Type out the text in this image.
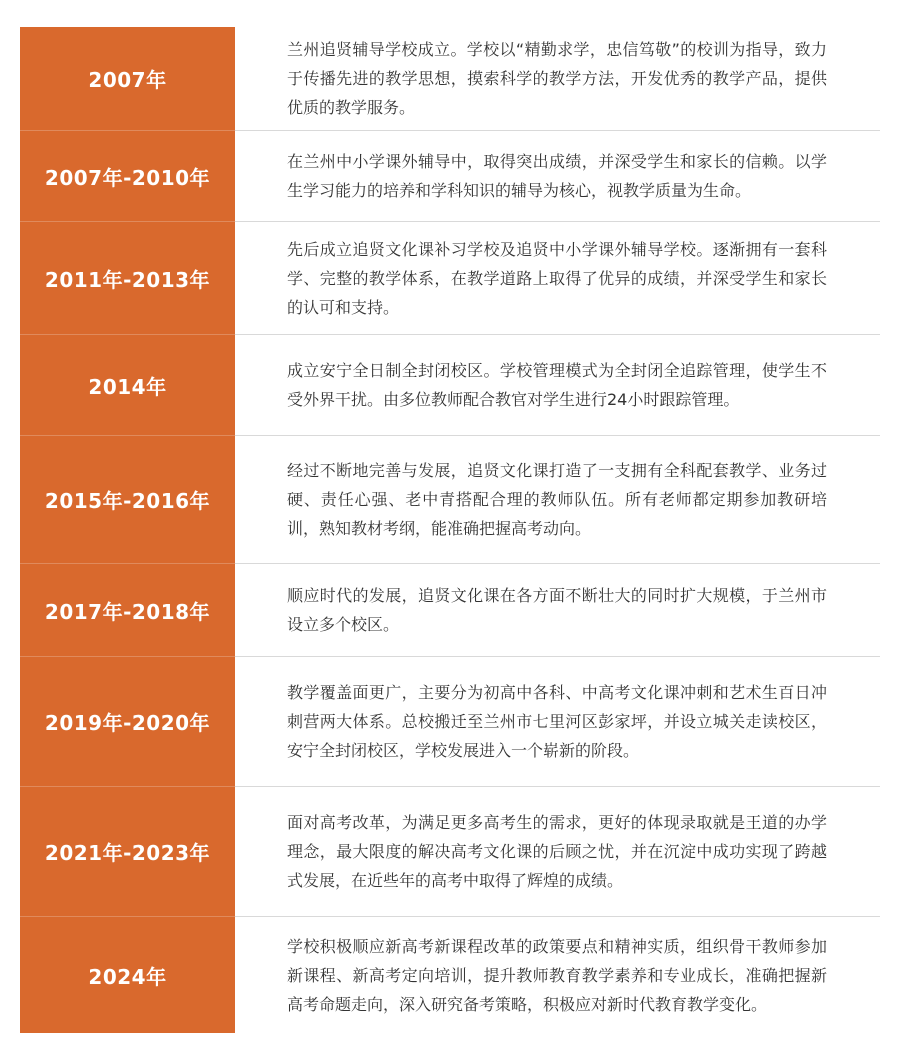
2007年
兰州追贤辅导学校成立。学校以“精勤求学，忠信笃敬”的校训为指导，致力于传播先进的教学思想，摸索科学的教学方法，开发优秀的教学产品，提供优质的教学服务。
2007年-2010年
在兰州中小学课外辅导中，取得突出成绩，并深受学生和家长的信赖。以学生学习能力的培养和学科知识的辅导为核心，视教学质量为生命。
2011年-2013年
先后成立追贤文化课补习学校及追贤中小学课外辅导学校。逐渐拥有一套科学、完整的教学体系，在教学道路上取得了优异的成绩，并深受学生和家长的认可和支持。
2014年
成立安宁全日制全封闭校区。学校管理模式为全封闭全追踪管理，使学生不受外界干扰。由多位教师配合教官对学生进行24小时跟踪管理。
2015年-2016年
经过不断地完善与发展，追贤文化课打造了一支拥有全科配套教学、业务过硬、责任心强、老中青搭配合理的教师队伍。所有老师都定期参加教研培训，熟知教材考纲，能准确把握高考动向。
2017年-2018年
顺应时代的发展，追贤文化课在各方面不断壮大的同时扩大规模，于兰州市设立多个校区。
2019年-2020年
教学覆盖面更广，主要分为初高中各科、中高考文化课冲刺和艺术生百日冲刺营两大体系。总校搬迁至兰州市七里河区彭家坪，并设立城关走读校区，安宁全封闭校区，学校发展进入一个崭新的阶段。
2021年-2023年
面对高考改革，为满足更多高考生的需求，更好的体现录取就是王道的办学理念，最大限度的解决高考文化课的后顾之忧，并在沉淀中成功实现了跨越式发展，在近些年的高考中取得了辉煌的成绩。
2024年
学校积极顺应新高考新课程改革的政策要点和精神实质，组织骨干教师参加新课程、新高考定向培训，提升教师教育教学素养和专业成长，准确把握新高考命题走向，深入研究备考策略，积极应对新时代教育教学变化。
